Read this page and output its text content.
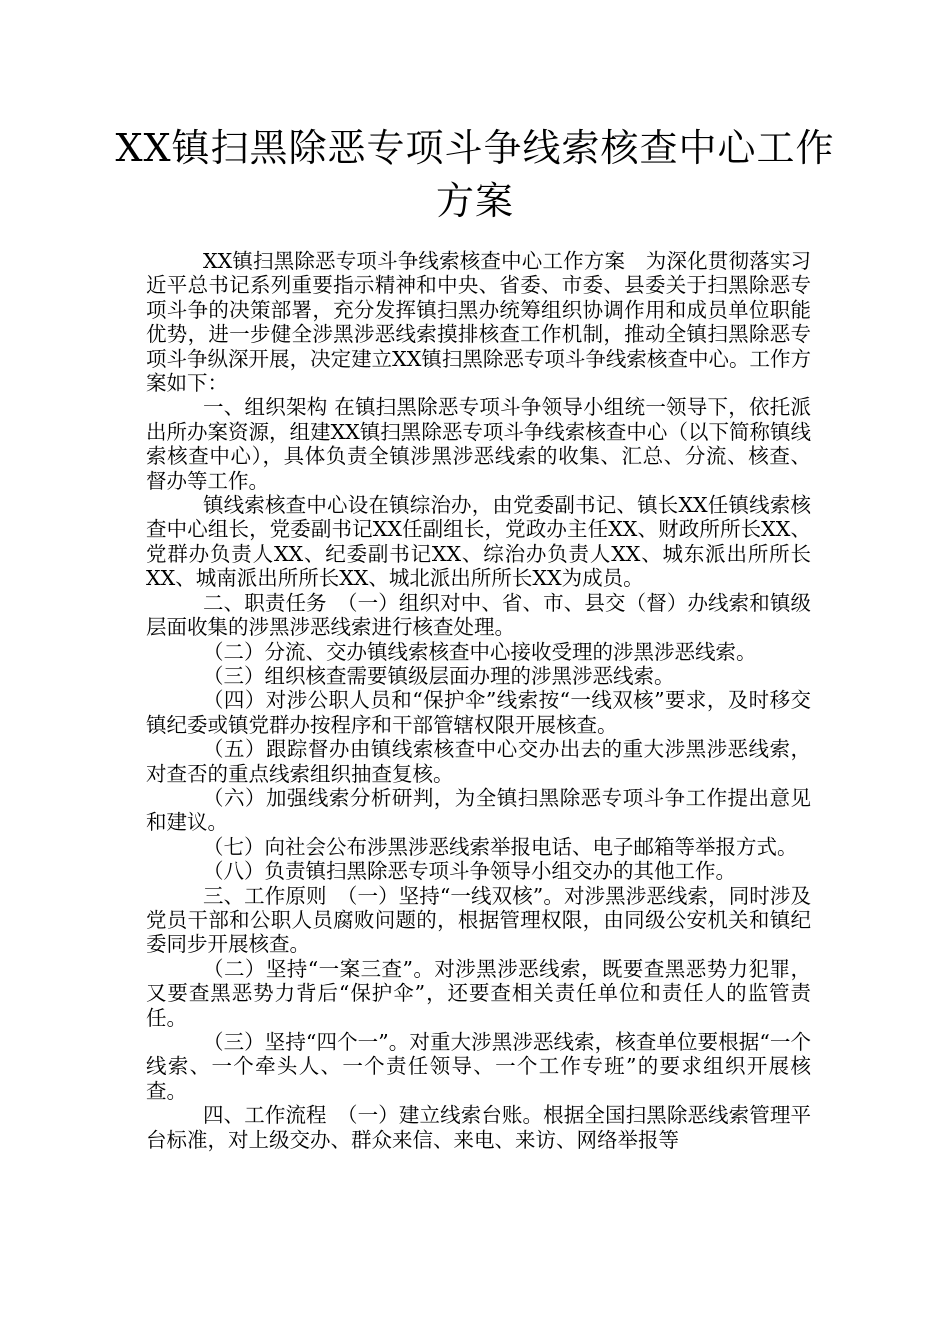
XX镇扫黑除恶专项斗争线索核查中心工作
方案

XX镇扫黑除恶专项斗争线索核查中心工作方案　为深化贯彻落实习近平总书记系列重要指示精神和中央、省委、市委、县委关于扫黑除恶专项斗争的决策部署，充分发挥镇扫黑办统筹组织协调作用和成员单位职能优势，进一步健全涉黑涉恶线索摸排核查工作机制，推动全镇扫黑除恶专项斗争纵深开展，决定建立XX镇扫黑除恶专项斗争线索核查中心。工作方案如下：

一、组织架构 在镇扫黑除恶专项斗争领导小组统一领导下，依托派出所办案资源，组建XX镇扫黑除恶专项斗争线索核查中心（以下简称镇线索核查中心），具体负责全镇涉黑涉恶线索的收集、汇总、分流、核查、督办等工作。

镇线索核查中心设在镇综治办，由党委副书记、镇长XX任镇线索核查中心组长，党委副书记XX任副组长，党政办主任XX、财政所所长XX、党群办负责人XX、纪委副书记XX、综治办负责人XX、城东派出所所长XX、城南派出所所长XX、城北派出所所长XX为成员。

二、职责任务　（一）组织对中、省、市、县交（督）办线索和镇级层面收集的涉黑涉恶线索进行核查处理。

（二）分流、交办镇线索核查中心接收受理的涉黑涉恶线索。

（三）组织核查需要镇级层面办理的涉黑涉恶线索。

（四）对涉公职人员和“保护伞”线索按“一线双核”要求，及时移交镇纪委或镇党群办按程序和干部管辖权限开展核查。

（五）跟踪督办由镇线索核查中心交办出去的重大涉黑涉恶线索，对查否的重点线索组织抽查复核。

（六）加强线索分析研判，为全镇扫黑除恶专项斗争工作提出意见和建议。

（七）向社会公布涉黑涉恶线索举报电话、电子邮箱等举报方式。

（八）负责镇扫黑除恶专项斗争领导小组交办的其他工作。

三、工作原则　（一）坚持“一线双核”。对涉黑涉恶线索，同时涉及党员干部和公职人员腐败问题的，根据管理权限，由同级公安机关和镇纪委同步开展核查。

（二）坚持“一案三查”。对涉黑涉恶线索，既要查黑恶势力犯罪，又要查黑恶势力背后“保护伞”，还要查相关责任单位和责任人的监管责任。

（三）坚持“四个一”。对重大涉黑涉恶线索，核查单位要根据“一个线索、一个牵头人、一个责任领导、一个工作专班”的要求组织开展核查。

四、工作流程　（一）建立线索台账。根据全国扫黑除恶线索管理平台标准，对上级交办、群众来信、来电、来访、网络举报等
